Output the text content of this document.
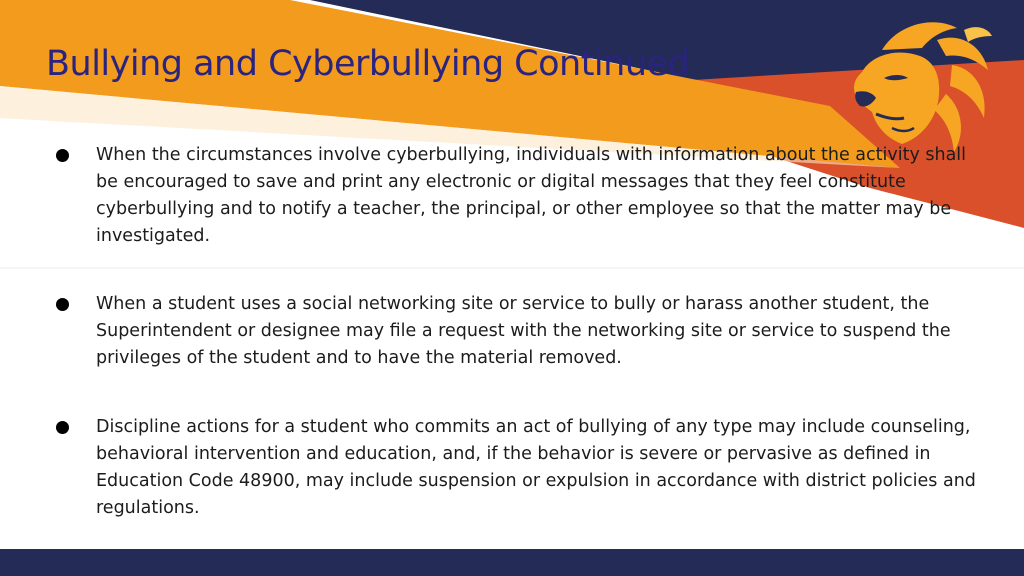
Bullying and Cyberbullying Continued
When the circumstances involve cyberbullying, individuals with information about the activity shall be encouraged to save and print any electronic or digital messages that they feel constitute cyberbullying and to notify a teacher, the principal, or other employee so that the matter may be investigated.
When a student uses a social networking site or service to bully or harass another student, the Superintendent or designee may file a request with the networking site or service to suspend the privileges of the student and to have the material removed.
Discipline actions for a student who commits an act of bullying of any type may include counseling, behavioral intervention and education, and, if the behavior is severe or pervasive as defined in Education Code 48900, may include suspension or expulsion in accordance with district policies and regulations.
